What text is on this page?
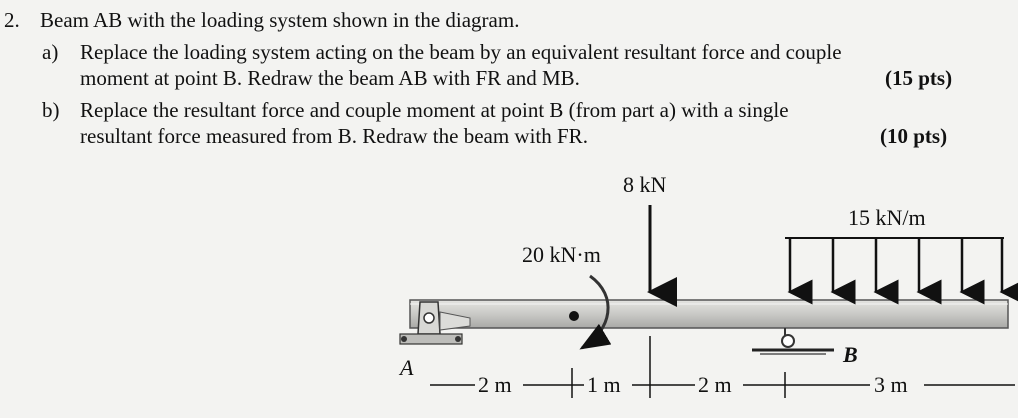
2. Beam AB with the loading system shown in the diagram.
a) Replace the loading system acting on the beam by an equivalent resultant force and couple
moment at point B. Redraw the beam AB with FR and MB.	(15 pts)
b) Replace the resultant force and couple moment at point B (from part a) with a single
resultant force measured from B. Redraw the beam with FR.	(10 pts)
A
B
8 kN
20 kN·m
15 kN/m
2 m	1 m	2 m	3 m
